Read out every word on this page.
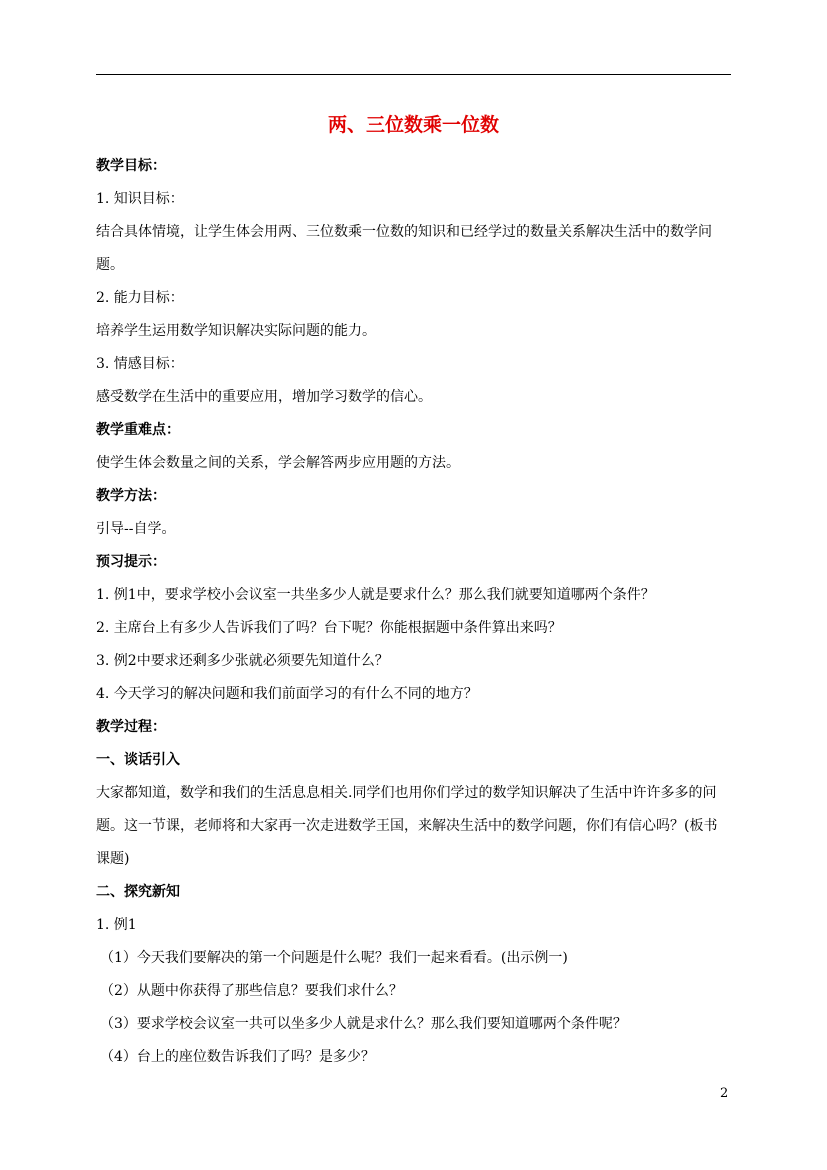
两、三位数乘一位数

教学目标：

1. 知识目标：

结合具体情境，让学生体会用两、三位数乘一位数的知识和已经学过的数量关系解决生活中的数学问题。

2. 能力目标：

培养学生运用数学知识解决实际问题的能力。

3. 情感目标：

感受数学在生活中的重要应用，增加学习数学的信心。

教学重难点：

使学生体会数量之间的关系，学会解答两步应用题的方法。

教学方法：

引导--自学。

预习提示：

1. 例1中，要求学校小会议室一共坐多少人就是要求什么？那么我们就要知道哪两个条件？

2. 主席台上有多少人告诉我们了吗？台下呢？你能根据题中条件算出来吗？

3. 例2中要求还剩多少张就必须要先知道什么？

4. 今天学习的解决问题和我们前面学习的有什么不同的地方？

教学过程：

一、谈话引入

大家都知道，数学和我们的生活息息相关.同学们也用你们学过的数学知识解决了生活中许许多多的问题。这一节课，老师将和大家再一次走进数学王国，来解决生活中的数学问题，你们有信心吗？(板书课题)

二、探究新知

1. 例1

（1）今天我们要解决的第一个问题是什么呢？我们一起来看看。(出示例一)

（2）从题中你获得了那些信息？要我们求什么？

（3）要求学校会议室一共可以坐多少人就是求什么？那么我们要知道哪两个条件呢？

（4）台上的座位数告诉我们了吗？是多少？

2
